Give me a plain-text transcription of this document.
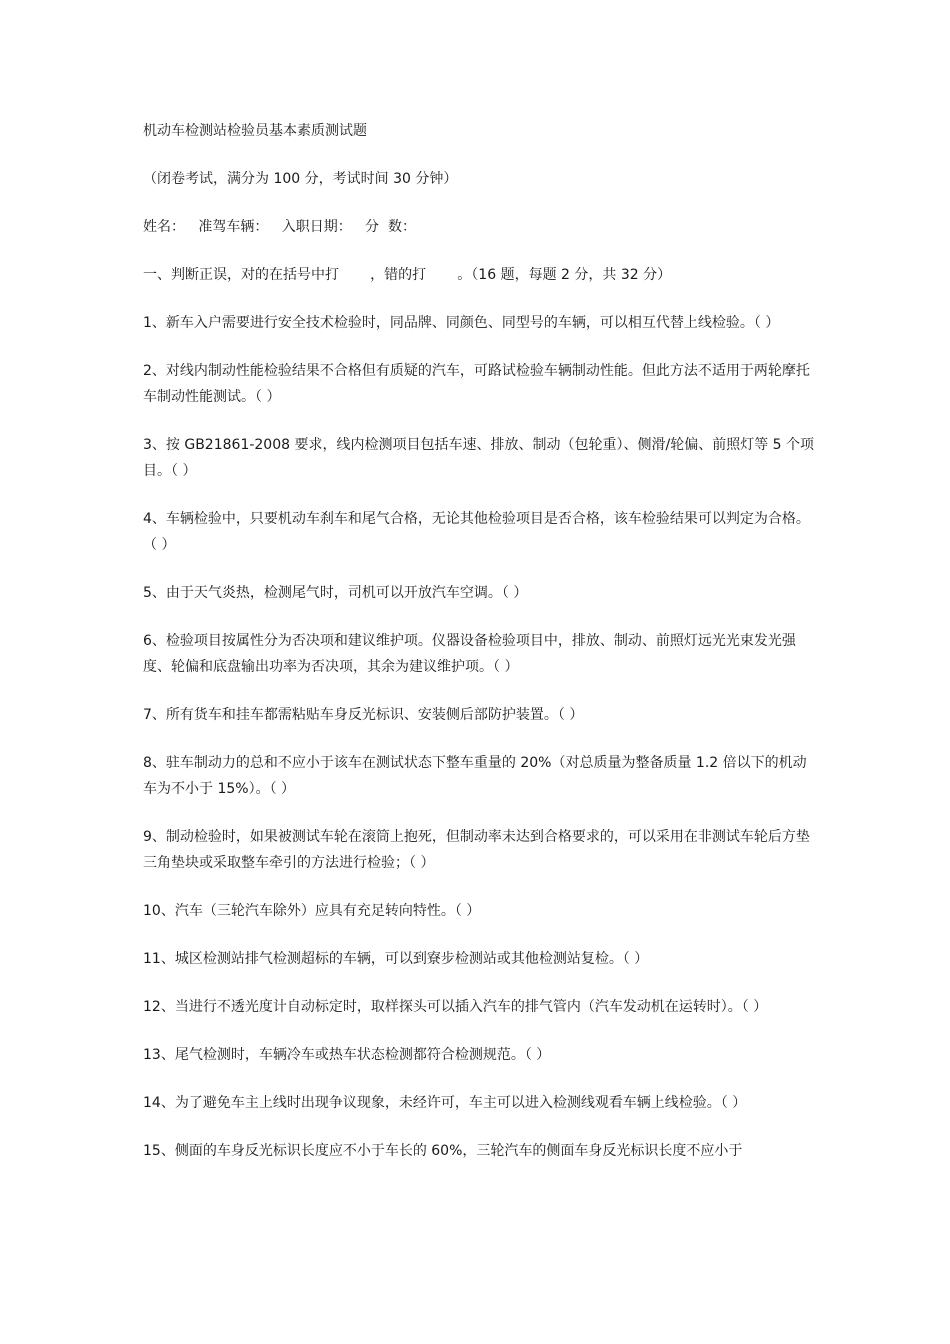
机动车检测站检验员基本素质测试题

（闭卷考试，满分为 100 分，考试时间 30 分钟）

姓名：   准驾车辆：   入职日期：   分  数：

一、判断正误，对的在括号中打       ，错的打       。（16 题，每题 2 分，共 32 分）

1、新车入户需要进行安全技术检验时，同品牌、同颜色、同型号的车辆，可以相互代替上线检验。（ ）

2、对线内制动性能检验结果不合格但有质疑的汽车，可路试检验车辆制动性能。但此方法不适用于两轮摩托车制动性能测试。（ ）

3、按 GB21861-2008 要求，线内检测项目包括车速、排放、制动（包轮重）、侧滑/轮偏、前照灯等 5 个项目。（ ）

4、车辆检验中，只要机动车刹车和尾气合格，无论其他检验项目是否合格，该车检验结果可以判定为合格。（ ）

5、由于天气炎热，检测尾气时，司机可以开放汽车空调。（ ）

6、检验项目按属性分为否决项和建议维护项。仪器设备检验项目中，排放、制动、前照灯远光光束发光强度、轮偏和底盘输出功率为否决项，其余为建议维护项。（ ）

7、所有货车和挂车都需粘贴车身反光标识、安装侧后部防护装置。（ ）

8、驻车制动力的总和不应小于该车在测试状态下整车重量的 20%（对总质量为整备质量 1.2 倍以下的机动车为不小于 15%）。（ ）

9、制动检验时，如果被测试车轮在滚筒上抱死，但制动率未达到合格要求的，可以采用在非测试车轮后方垫三角垫块或采取整车牵引的方法进行检验；（ ）

10、汽车（三轮汽车除外）应具有充足转向特性。（ ）

11、城区检测站排气检测超标的车辆，可以到寮步检测站或其他检测站复检。（ ）

12、当进行不透光度计自动标定时，取样探头可以插入汽车的排气管内（汽车发动机在运转时）。（ ）

13、尾气检测时，车辆冷车或热车状态检测都符合检测规范。（ ）

14、为了避免车主上线时出现争议现象，未经许可，车主可以进入检测线观看车辆上线检验。（ ）

15、侧面的车身反光标识长度应不小于车长的 60%，三轮汽车的侧面车身反光标识长度不应小于
